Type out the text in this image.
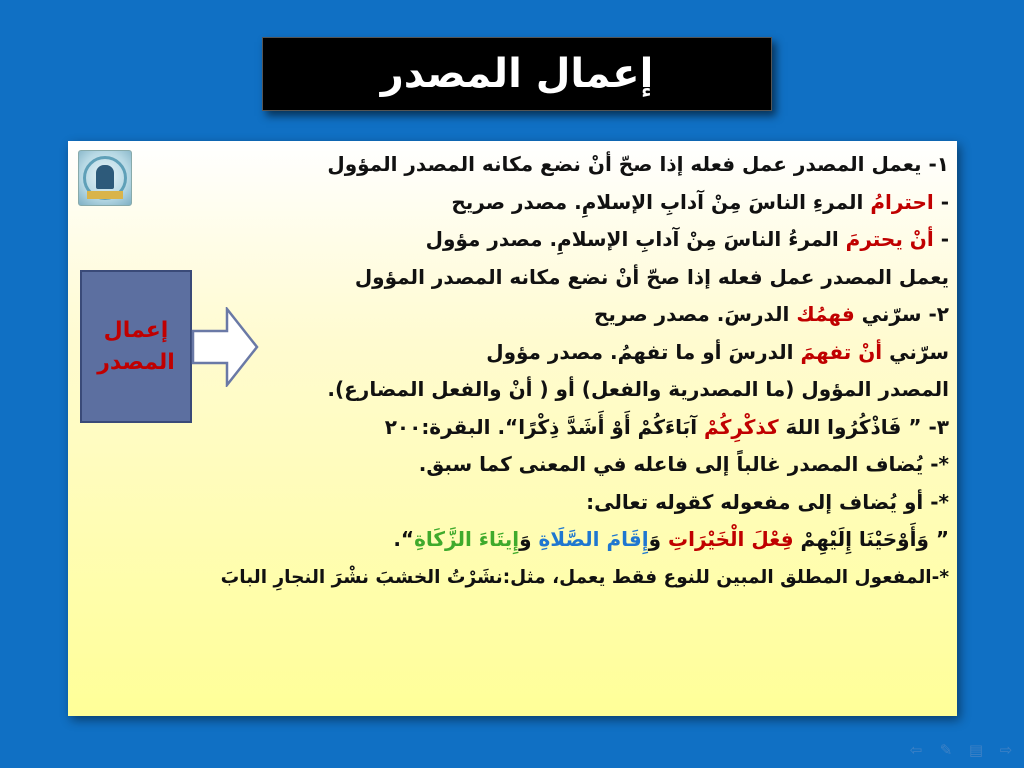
إعمال المصدر
إعمال
المصدر
١- يعمل المصدر عمل فعله إذا صحّ أنْ نضع مكانه المصدر المؤول
- احترامُ المرءِ الناسَ مِنْ آدابِ الإسلامِ. مصدر صريح
- أنْ يحترمَ المرءُ الناسَ مِنْ آدابِ الإسلامِ. مصدر مؤول
يعمل المصدر عمل فعله إذا صحّ أنْ نضع مكانه المصدر المؤول
٢- سرّني فهمُك الدرسَ. مصدر صريح
سرّني أنْ تفهمَ الدرسَ أو ما تفهمُ. مصدر مؤول
المصدر المؤول (ما المصدرية والفعل) أو ( أنْ والفعل المضارع).
٣- ” فَاذْكُرُوا اللهَ كذكْرِكُمْ آبَاءَكُمْ أَوْ أَشَدَّ ذِكْرًا“. البقرة:٢٠٠
*- يُضاف المصدر غالباً إلى فاعله في المعنى كما سبق.
*- أو يُضاف إلى مفعوله كقوله تعالى:
” وَأَوْحَيْنَا إِلَيْهِمْ فِعْلَ الْخَيْرَاتِ وَإِقَامَ الصَّلَاةِ وَإِيتَاءَ الزَّكَاةِ“.
*-المفعول المطلق المبين للنوع فقط يعمل، مثل:نشَرْتُ الخشبَ نشْرَ النجارِ البابَ
⇦ ✎ ▤ ⇨
